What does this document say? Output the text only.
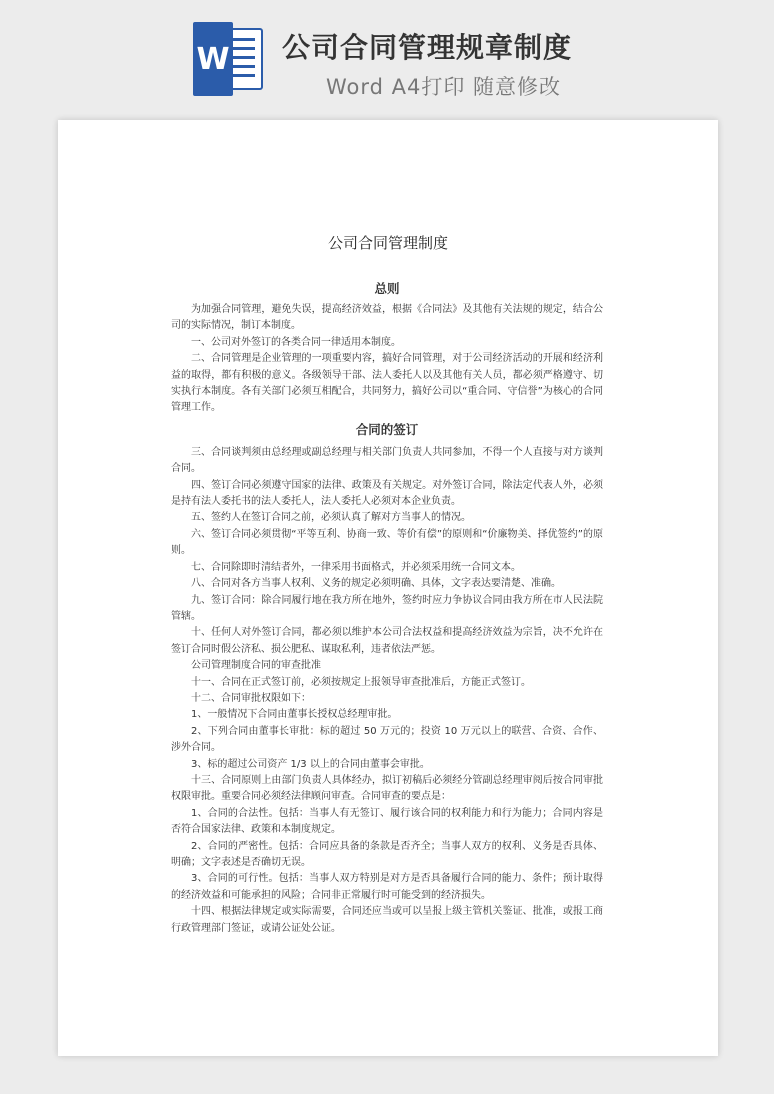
W 公司合同管理规章制度
Word A4打印 随意修改
公司合同管理制度

总则

为加强合同管理，避免失误，提高经济效益，根据《合同法》及其他有关法规的规定，结合公司的实际情况，制订本制度。

一、公司对外签订的各类合同一律适用本制度。

二、合同管理是企业管理的一项重要内容，搞好合同管理，对于公司经济活动的开展和经济利益的取得，都有积极的意义。各级领导干部、法人委托人以及其他有关人员，都必须严格遵守、切实执行本制度。各有关部门必须互相配合，共同努力，搞好公司以“重合同、守信誉”为核心的合同管理工作。

合同的签订

三、合同谈判须由总经理或副总经理与相关部门负责人共同参加，不得一个人直接与对方谈判合同。

四、签订合同必须遵守国家的法律、政策及有关规定。对外签订合同，除法定代表人外，必须是持有法人委托书的法人委托人，法人委托人必须对本企业负责。

五、签约人在签订合同之前，必须认真了解对方当事人的情况。

六、签订合同必须贯彻“平等互利、协商一致、等价有偿”的原则和“价廉物美、择优签约”的原则。

七、合同除即时清结者外，一律采用书面格式，并必须采用统一合同文本。

八、合同对各方当事人权利、义务的规定必须明确、具体，文字表达要清楚、准确。

九、签订合同：除合同履行地在我方所在地外，签约时应力争协议合同由我方所在市人民法院管辖。

十、任何人对外签订合同，都必须以维护本公司合法权益和提高经济效益为宗旨，决不允许在签订合同时假公济私、损公肥私、谋取私利，违者依法严惩。

公司管理制度合同的审查批准

十一、合同在正式签订前，必须按规定上报领导审查批准后，方能正式签订。

十二、合同审批权限如下：

1、一般情况下合同由董事长授权总经理审批。

2、下列合同由董事长审批：标的超过 50 万元的；投资 10 万元以上的联营、合资、合作、涉外合同。

3、标的超过公司资产 1/3 以上的合同由董事会审批。

十三、合同原则上由部门负责人具体经办，拟订初稿后必须经分管副总经理审阅后按合同审批权限审批。重要合同必须经法律顾问审查。合同审查的要点是：

1、合同的合法性。包括：当事人有无签订、履行该合同的权利能力和行为能力；合同内容是否符合国家法律、政策和本制度规定。

2、合同的严密性。包括：合同应具备的条款是否齐全；当事人双方的权利、义务是否具体、明确；文字表述是否确切无误。

3、合同的可行性。包括：当事人双方特别是对方是否具备履行合同的能力、条件；预计取得的经济效益和可能承担的风险；合同非正常履行时可能受到的经济损失。

十四、根据法律规定或实际需要，合同还应当或可以呈报上级主管机关鉴证、批准，或报工商行政管理部门签证，或请公证处公证。
